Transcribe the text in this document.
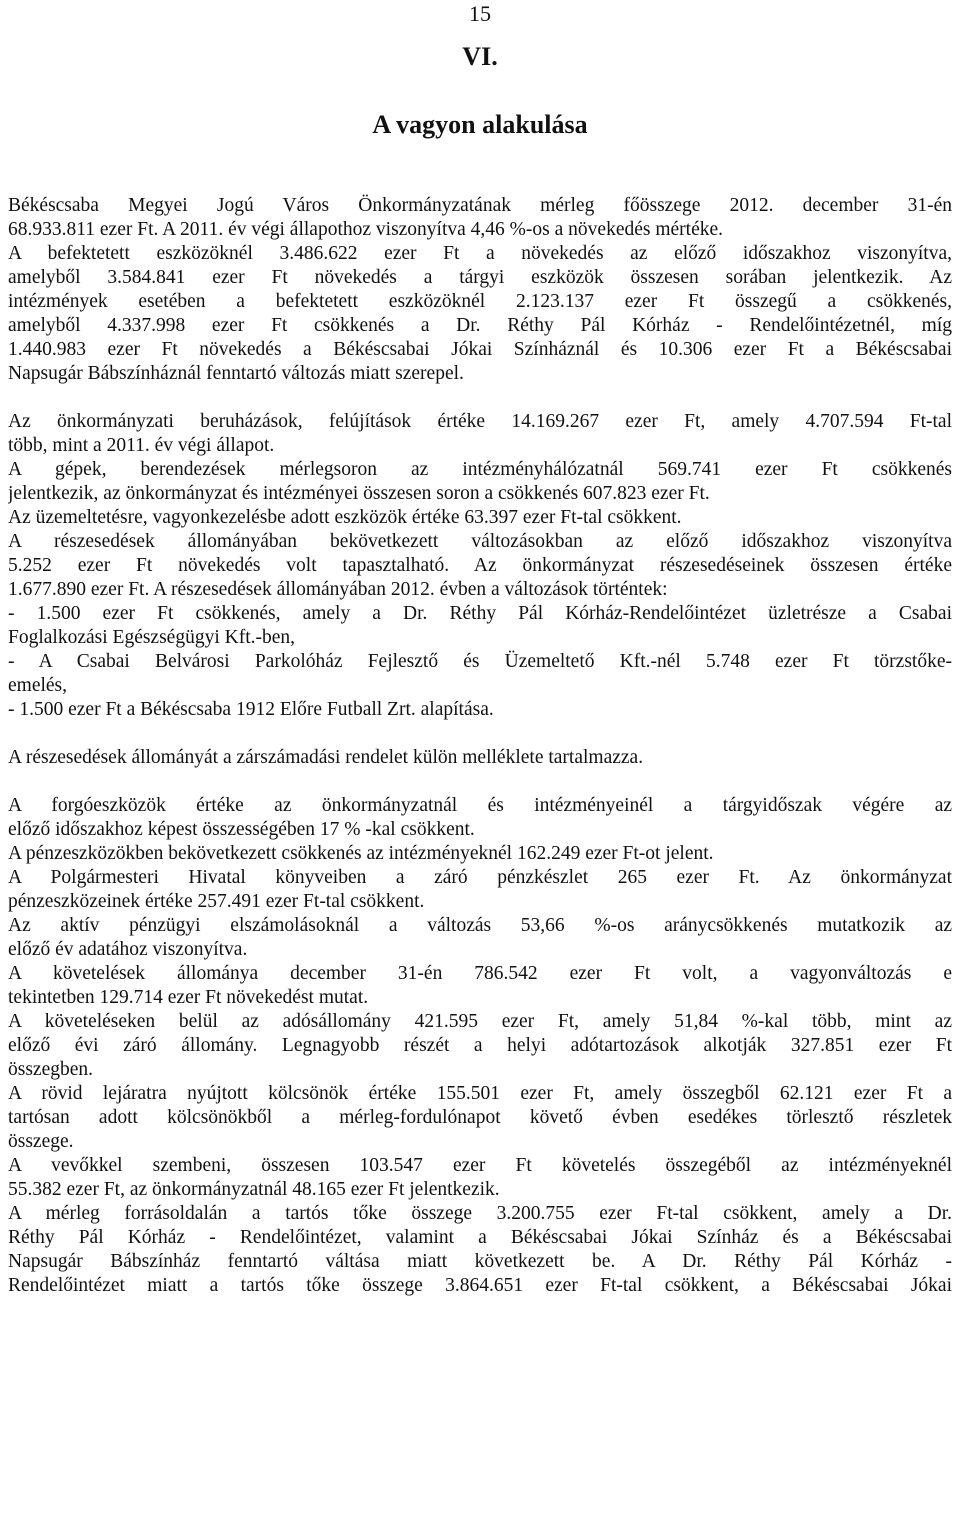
15
VI.
A vagyon alakulása
Békéscsaba Megyei Jogú Város Önkormányzatának mérleg főösszege 2012. december 31-én
68.933.811 ezer Ft. A 2011. év végi állapothoz viszonyítva 4,46 %-os a növekedés mértéke.
A befektetett eszközöknél 3.486.622 ezer Ft a növekedés az előző időszakhoz viszonyítva,
amelyből 3.584.841 ezer Ft növekedés a tárgyi eszközök összesen sorában jelentkezik. Az
intézmények esetében a befektetett eszközöknél 2.123.137 ezer Ft összegű a csökkenés,
amelyből 4.337.998 ezer Ft csökkenés a Dr. Réthy Pál Kórház - Rendelőintézetnél, míg
1.440.983 ezer Ft növekedés a Békéscsabai Jókai Színháznál és 10.306 ezer Ft a Békéscsabai
Napsugár Bábszínháznál fenntartó változás miatt szerepel.
Az önkormányzati beruházások, felújítások értéke 14.169.267 ezer Ft, amely 4.707.594 Ft-tal
több, mint a 2011. év végi állapot.
A gépek, berendezések mérlegsoron az intézményhálózatnál 569.741 ezer Ft csökkenés
jelentkezik, az önkormányzat és intézményei összesen soron a csökkenés 607.823 ezer Ft.
Az üzemeltetésre, vagyonkezelésbe adott eszközök értéke 63.397 ezer Ft-tal csökkent.
A részesedések állományában bekövetkezett változásokban az előző időszakhoz viszonyítva
5.252 ezer Ft növekedés volt tapasztalható. Az önkormányzat részesedéseinek összesen értéke
1.677.890 ezer Ft. A részesedések állományában 2012. évben a változások történtek:
- 1.500 ezer Ft csökkenés, amely a Dr. Réthy Pál Kórház-Rendelőintézet üzletrésze a Csabai
Foglalkozási Egészségügyi Kft.-ben,
- A Csabai Belvárosi Parkolóház Fejlesztő és Üzemeltető Kft.-nél 5.748 ezer Ft törzstőke-
emelés,
- 1.500 ezer Ft a Békéscsaba 1912 Előre Futball Zrt. alapítása.
A részesedések állományát a zárszámadási rendelet külön melléklete tartalmazza.
A forgóeszközök értéke az önkormányzatnál és intézményeinél a tárgyidőszak végére az
előző időszakhoz képest összességében 17 % -kal csökkent.
A pénzeszközökben bekövetkezett csökkenés az intézményeknél 162.249 ezer Ft-ot jelent.
A Polgármesteri Hivatal könyveiben a záró pénzkészlet 265 ezer Ft. Az önkormányzat
pénzeszközeinek értéke 257.491 ezer Ft-tal csökkent.
Az aktív pénzügyi elszámolásoknál a változás 53,66 %-os aránycsökkenés mutatkozik az
előző év adatához viszonyítva.
A követelések állománya december 31-én 786.542 ezer Ft volt, a vagyonváltozás e
tekintetben 129.714 ezer Ft növekedést mutat.
A követeléseken belül az adósállomány 421.595 ezer Ft, amely 51,84 %-kal több, mint az
előző évi záró állomány. Legnagyobb részét a helyi adótartozások alkotják 327.851 ezer Ft
összegben.
A rövid lejáratra nyújtott kölcsönök értéke 155.501 ezer Ft, amely összegből 62.121 ezer Ft a
tartósan adott kölcsönökből a mérleg-fordulónapot követő évben esedékes törlesztő részletek
összege.
A vevőkkel szembeni, összesen 103.547 ezer Ft követelés összegéből az intézményeknél
55.382 ezer Ft, az önkormányzatnál 48.165 ezer Ft jelentkezik.
A mérleg forrásoldalán a tartós tőke összege 3.200.755 ezer Ft-tal csökkent, amely a Dr.
Réthy Pál Kórház - Rendelőintézet, valamint a Békéscsabai Jókai Színház és a Békéscsabai
Napsugár Bábszínház fenntartó váltása miatt következett be. A Dr. Réthy Pál Kórház -
Rendelőintézet miatt a tartós tőke összege 3.864.651 ezer Ft-tal csökkent, a Békéscsabai Jókai
